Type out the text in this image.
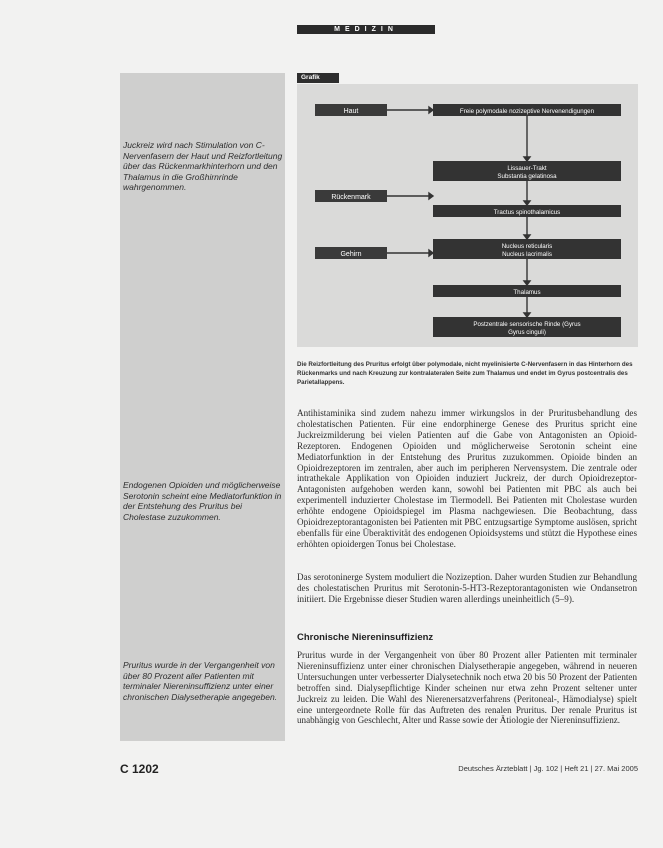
MEDIZIN
Juckreiz wird nach Stimulation von C-Nervenfasern der Haut und Reizfortleitung über das Rückenmarkhinterhorn und den Thalamus in die Großhirnrinde wahrgenommen.
Endogenen Opioiden und möglicherweise Serotonin scheint eine Mediatorfunktion in der Entstehung des Pruritus bei Cholestase zuzukommen.
Pruritus wurde in der Vergangenheit von über 80 Prozent aller Patienten mit terminaler Niereninsuffizienz unter einer chronischen Dialysetherapie angegeben.
Grafik
Haut
Rückenmark
Gehirn
Freie polymodale nozizeptive Nervenendigungen
Lissauer-Trakt Substantia gelatinosa
Tractus spinothalamicus
Nucleus reticularis Nucleus lacrimalis
Thalamus
Postzentrale sensorische Rinde (Gyrus Gyrus cinguli)
Die Reizfortleitung des Pruritus erfolgt über polymodale, nicht myelinisierte C-Nervenfasern in das Hinterhorn des Rückenmarks und nach Kreuzung zur kontralateralen Seite zum Thalamus und endet im Gyrus postcentralis des Parietallappens.

Antihistaminika sind zudem nahezu immer wirkungslos in der Pruritusbehandlung des cholestatischen Patienten. Für eine endorphinerge Genese des Pruritus spricht eine Juckreizmilderung bei vielen Patienten auf die Gabe von Antagonisten an Opioid-Rezeptoren. Endogenen Opioiden und möglicherweise Serotonin scheint eine Mediatorfunktion in der Entstehung des Pruritus zuzukommen. Opioide binden an Opioidrezeptoren im zentralen, aber auch im peripheren Nervensystem. Die zentrale oder intrathekale Applikation von Opioiden induziert Juckreiz, der durch Opioidrezeptor-Antagonisten aufgehoben werden kann, sowohl bei Patienten mit PBC als auch bei experimentell induzierter Cholestase im Tiermodell. Bei Patienten mit Cholestase wurden erhöhte endogene Opioidspiegel im Plasma nachgewiesen. Die Beobachtung, dass Opioidrezeptorantagonisten bei Patienten mit PBC entzugsartige Symptome auslösen, spricht ebenfalls für eine Überaktivität des endogenen Opioidsystems und stützt die Hypothese eines erhöhten opioidergen Tonus bei Cholestase.

Das serotoninerge System moduliert die Nozizeption. Daher wurden Studien zur Behandlung des cholestatischen Pruritus mit Serotonin-5-HT3-Rezeptorantagonisten wie Ondansetron initiiert. Die Ergebnisse dieser Studien waren allerdings uneinheitlich (5–9).

Chronische Niereninsuffizienz

Pruritus wurde in der Vergangenheit von über 80 Prozent aller Patienten mit terminaler Niereninsuffizienz unter einer chronischen Dialysetherapie angegeben, während in neueren Untersuchungen unter verbesserter Dialysetechnik noch etwa 20 bis 50 Prozent der Patienten betroffen sind. Dialysepflichtige Kinder scheinen nur etwa zehn Prozent seltener unter Juckreiz zu leiden. Die Wahl des Nierenersatzverfahrens (Peritoneal-, Hämodialyse) spielt eine untergeordnete Rolle für das Auftreten des renalen Pruritus. Der renale Pruritus ist unabhängig von Geschlecht, Alter und Rasse sowie der Ätiologie der Niereninsuffizienz.

C 1202	Deutsches Ärzteblatt | Jg. 102 | Heft 21 | 27. Mai 2005
